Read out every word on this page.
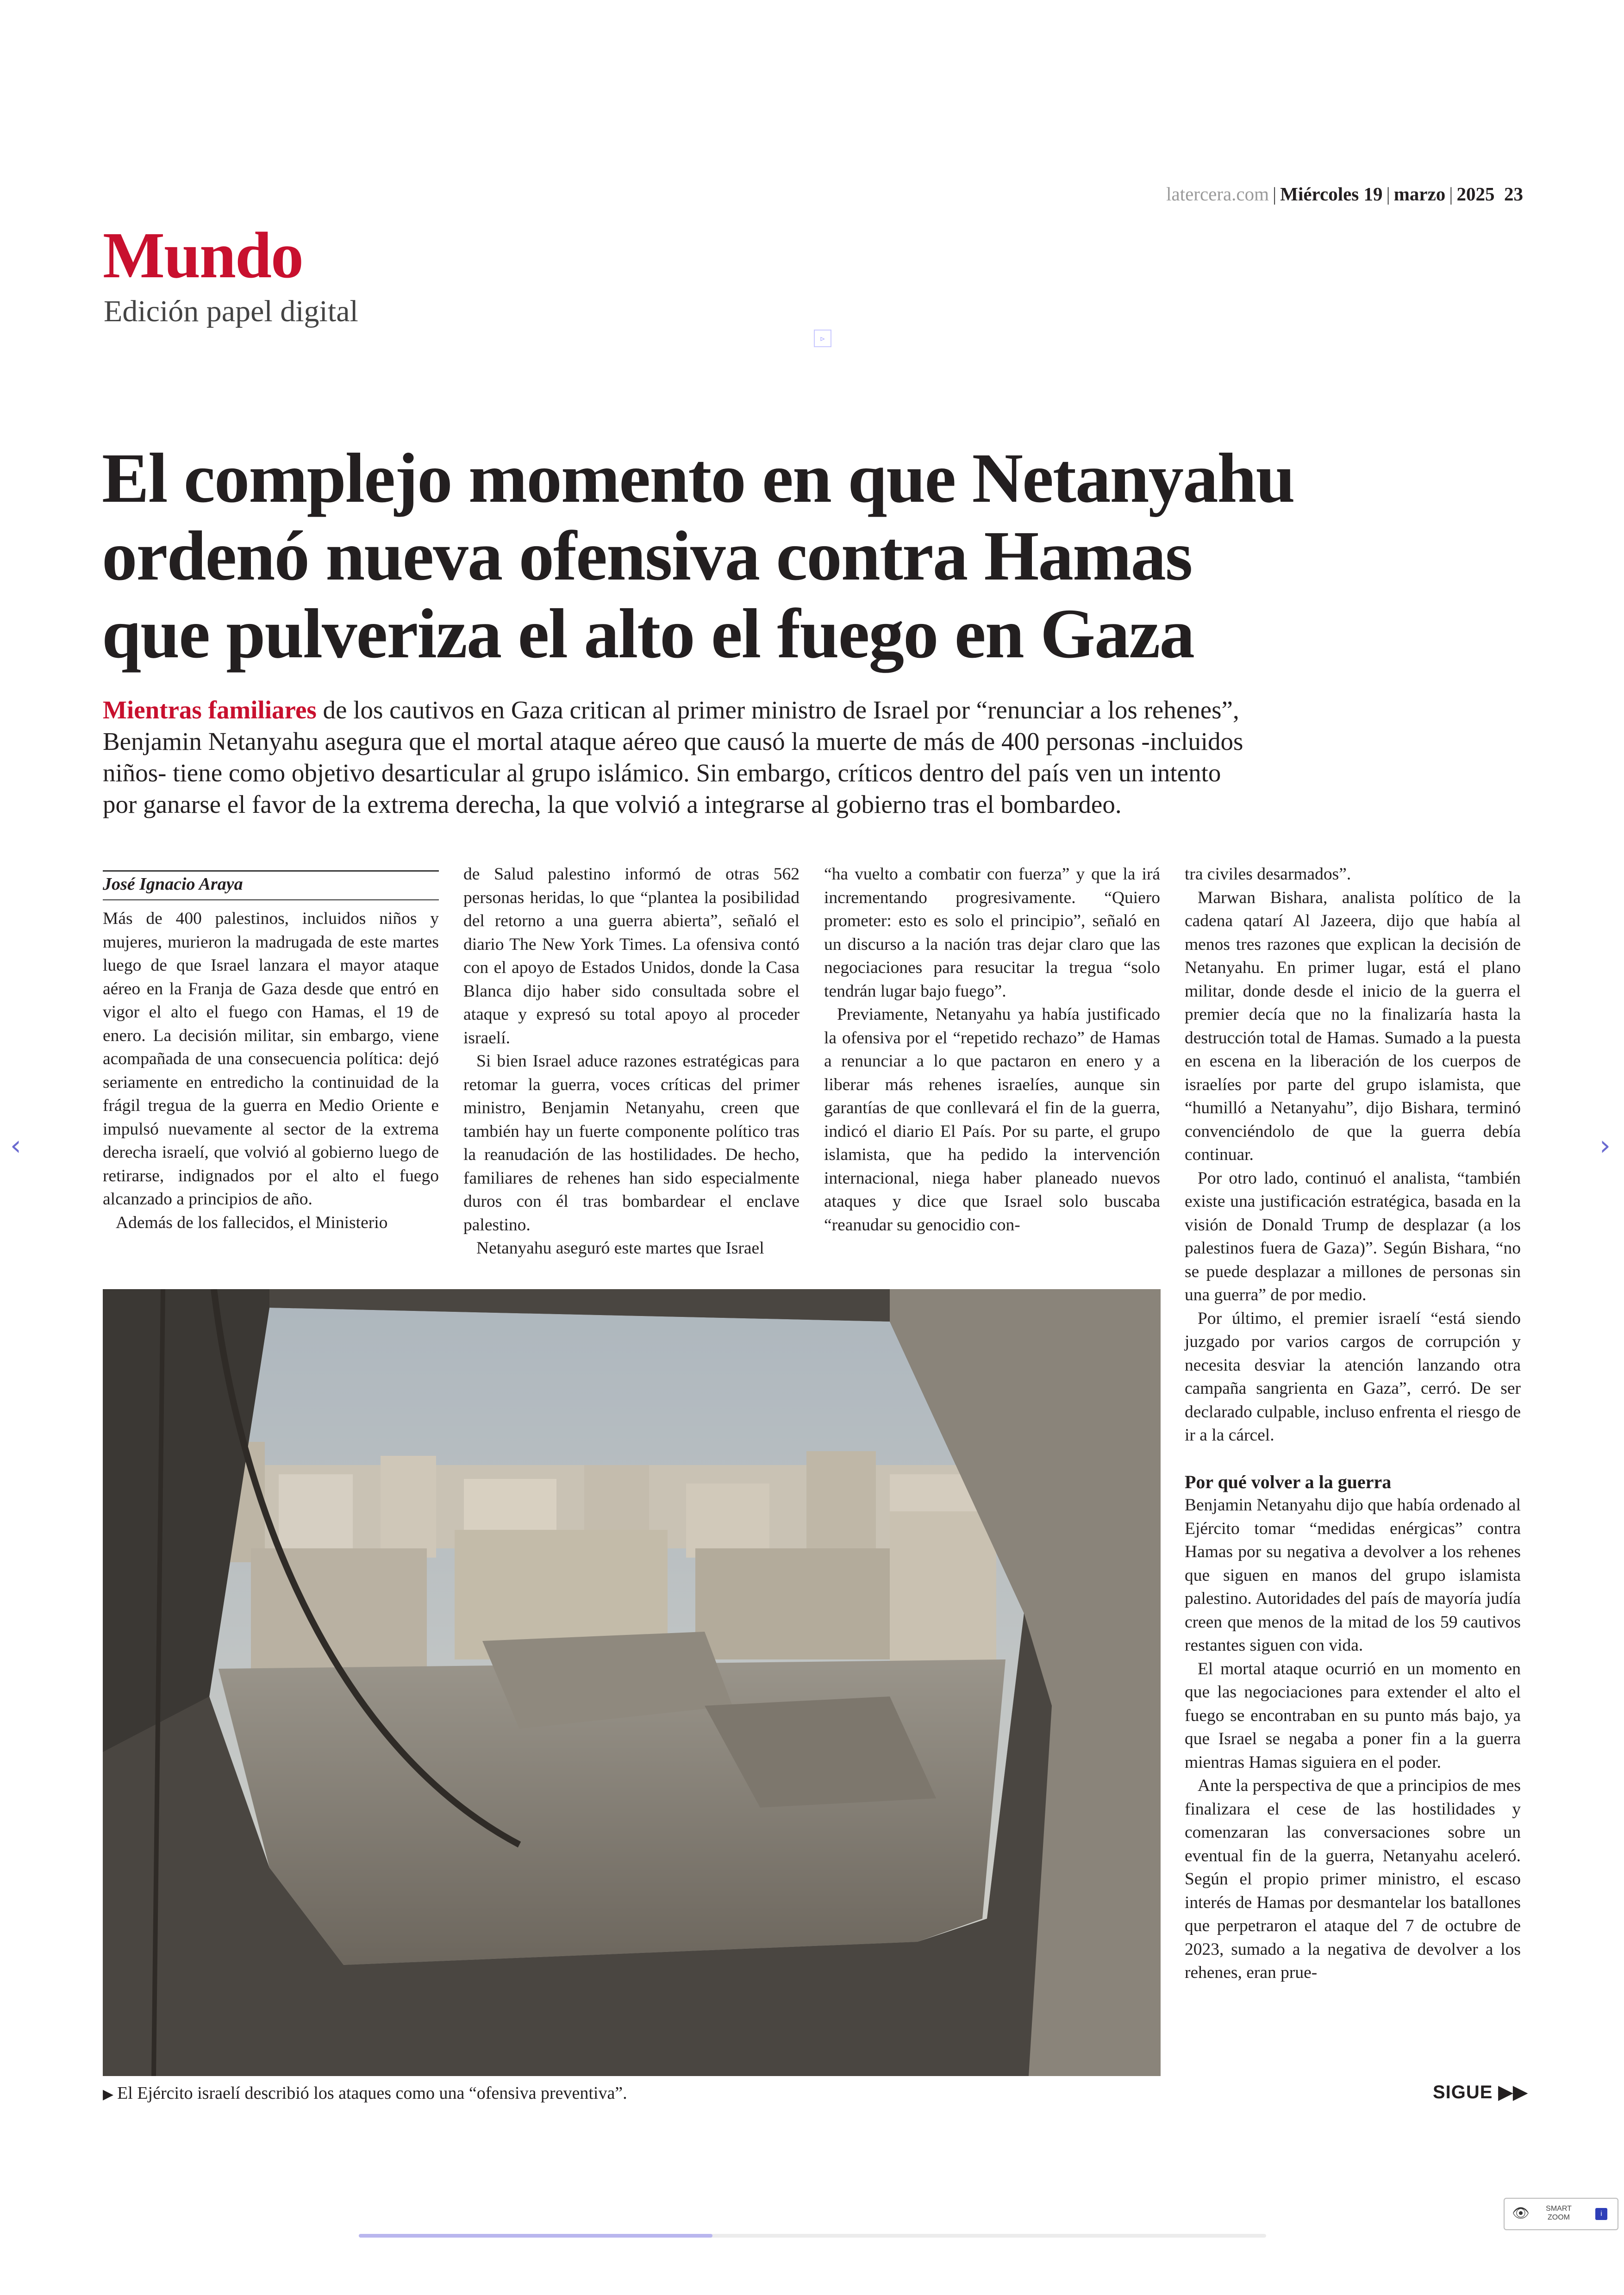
latercera.com | Miércoles 19 | marzo | 2025 23
Mundo
Edición papel digital
▹
El complejo momento en que Netanyahu
ordenó nueva ofensiva contra Hamas
que pulveriza el alto el fuego en Gaza
Mientras familiares de los cautivos en Gaza critican al primer ministro de Israel por “renunciar a los rehenes”,
Benjamin Netanyahu asegura que el mortal ataque aéreo que causó la muerte de más de 400 personas -incluidos
niños- tiene como objetivo desarticular al grupo islámico. Sin embargo, críticos dentro del país ven un intento
por ganarse el favor de la extrema derecha, la que volvió a integrarse al gobierno tras el bombardeo.
José Ignacio Araya

Más de 400 palestinos, incluidos niños y mujeres, murieron la madrugada de este martes luego de que Israel lanzara el mayor ataque aéreo en la Franja de Gaza desde que entró en vigor el alto el fuego con Hamas, el 19 de enero. La decisión militar, sin embargo, viene acompañada de una consecuencia política: dejó seriamente en entredicho la continuidad de la frágil tregua de la guerra en Medio Oriente e impulsó nuevamente al sector de la extrema derecha israelí, que volvió al gobierno luego de retirarse, indignados por el alto el fuego alcanzado a principios de año.

Además de los fallecidos, el Ministerio

de Salud palestino informó de otras 562 personas heridas, lo que “plantea la posibilidad del retorno a una guerra abierta”, señaló el diario The New York Times. La ofensiva contó con el apoyo de Estados Unidos, donde la Casa Blanca dijo haber sido consultada sobre el ataque y expresó su total apoyo al proceder israelí.

Si bien Israel aduce razones estratégicas para retomar la guerra, voces críticas del primer ministro, Benjamin Netanyahu, creen que también hay un fuerte componente político tras la reanudación de las hostilidades. De hecho, familiares de rehenes han sido especialmente duros con él tras bombardear el enclave palestino.

Netanyahu aseguró este martes que Israel

“ha vuelto a combatir con fuerza” y que la irá incrementando progresivamente. “Quiero prometer: esto es solo el principio”, señaló en un discurso a la nación tras dejar claro que las negociaciones para resucitar la tregua “solo tendrán lugar bajo fuego”.

Previamente, Netanyahu ya había justificado la ofensiva por el “repetido rechazo” de Hamas a renunciar a lo que pactaron en enero y a liberar más rehenes israelíes, aunque sin garantías de que conllevará el fin de la guerra, indicó el diario El País. Por su parte, el grupo islamista, que ha pedido la intervención internacional, niega haber planeado nuevos ataques y dice que Israel solo buscaba “reanudar su genocidio con-

tra civiles desarmados”.

Marwan Bishara, analista político de la cadena qatarí Al Jazeera, dijo que había al menos tres razones que explican la decisión de Netanyahu. En primer lugar, está el plano militar, donde desde el inicio de la guerra el premier decía que no la finalizaría hasta la destrucción total de Hamas. Sumado a la puesta en escena en la liberación de los cuerpos de israelíes por parte del grupo islamista, que “humilló a Netanyahu”, dijo Bishara, terminó convenciéndolo de que la guerra debía continuar.

Por otro lado, continuó el analista, “también existe una justificación estratégica, basada en la visión de Donald Trump de desplazar (a los palestinos fuera de Gaza)”. Según Bishara, “no se puede desplazar a millones de personas sin una guerra” de por medio.

Por último, el premier israelí “está siendo juzgado por varios cargos de corrupción y necesita desviar la atención lanzando otra campaña sangrienta en Gaza”, cerró. De ser declarado culpable, incluso enfrenta el riesgo de ir a la cárcel.

Por qué volver a la guerra

Benjamin Netanyahu dijo que había ordenado al Ejército tomar “medidas enérgicas” contra Hamas por su negativa a devolver a los rehenes que siguen en manos del grupo islamista palestino. Autoridades del país de mayoría judía creen que menos de la mitad de los 59 cautivos restantes siguen con vida.

El mortal ataque ocurrió en un momento en que las negociaciones para extender el alto el fuego se encontraban en su punto más bajo, ya que Israel se negaba a poner fin a la guerra mientras Hamas siguiera en el poder.

Ante la perspectiva de que a principios de mes finalizara el cese de las hostilidades y comenzaran las conversaciones sobre un eventual fin de la guerra, Netanyahu aceleró. Según el propio primer ministro, el escaso interés de Hamas por desmantelar los batallones que perpetraron el ataque del 7 de octubre de 2023, sumado a la negativa de devolver a los rehenes, eran prue-

▶ El Ejército israelí describió los ataques como una “ofensiva preventiva”.	SIGUE ▶▶
‹	›
👁	SMART
ZOOM	i
